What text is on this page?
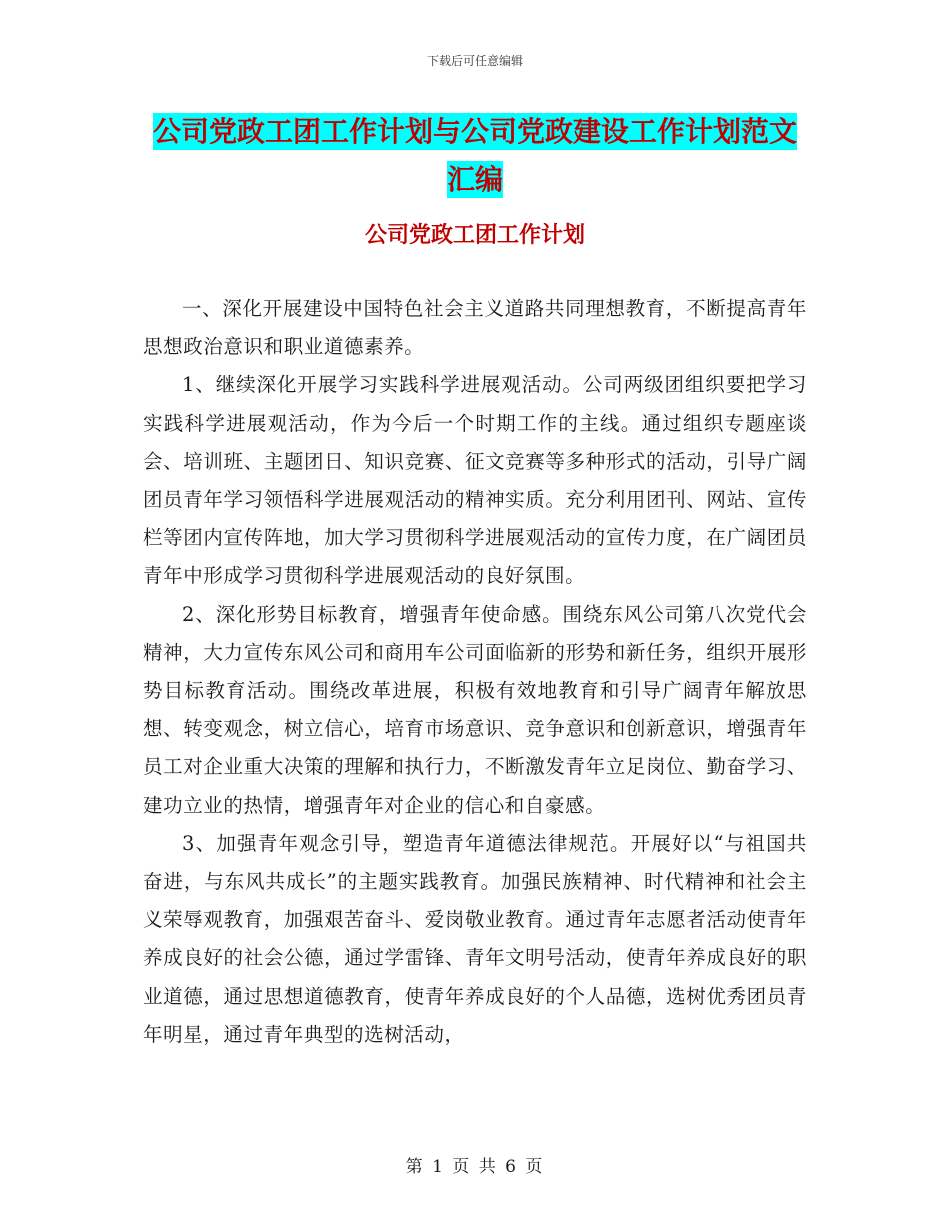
下载后可任意编辑
公司党政工团工作计划与公司党政建设工作计划范文
汇编
公司党政工团工作计划

一、深化开展建设中国特色社会主义道路共同理想教育，不断提高青年思想政治意识和职业道德素养。

1、继续深化开展学习实践科学进展观活动。公司两级团组织要把学习实践科学进展观活动，作为今后一个时期工作的主线。通过组织专题座谈会、培训班、主题团日、知识竞赛、征文竞赛等多种形式的活动，引导广阔团员青年学习领悟科学进展观活动的精神实质。充分利用团刊、网站、宣传栏等团内宣传阵地，加大学习贯彻科学进展观活动的宣传力度，在广阔团员青年中形成学习贯彻科学进展观活动的良好氛围。

2、深化形势目标教育，增强青年使命感。围绕东风公司第八次党代会精神，大力宣传东风公司和商用车公司面临新的形势和新任务，组织开展形势目标教育活动。围绕改革进展，积极有效地教育和引导广阔青年解放思想、转变观念，树立信心，培育市场意识、竞争意识和创新意识，增强青年员工对企业重大决策的理解和执行力，不断激发青年立足岗位、勤奋学习、建功立业的热情，增强青年对企业的信心和自豪感。

3、加强青年观念引导，塑造青年道德法律规范。开展好以“与祖国共奋进，与东风共成长”的主题实践教育。加强民族精神、时代精神和社会主义荣辱观教育，加强艰苦奋斗、爱岗敬业教育。通过青年志愿者活动使青年养成良好的社会公德，通过学雷锋、青年文明号活动，使青年养成良好的职业道德，通过思想道德教育，使青年养成良好的个人品德，选树优秀团员青年明星，通过青年典型的选树活动，

第 1 页 共 6 页
